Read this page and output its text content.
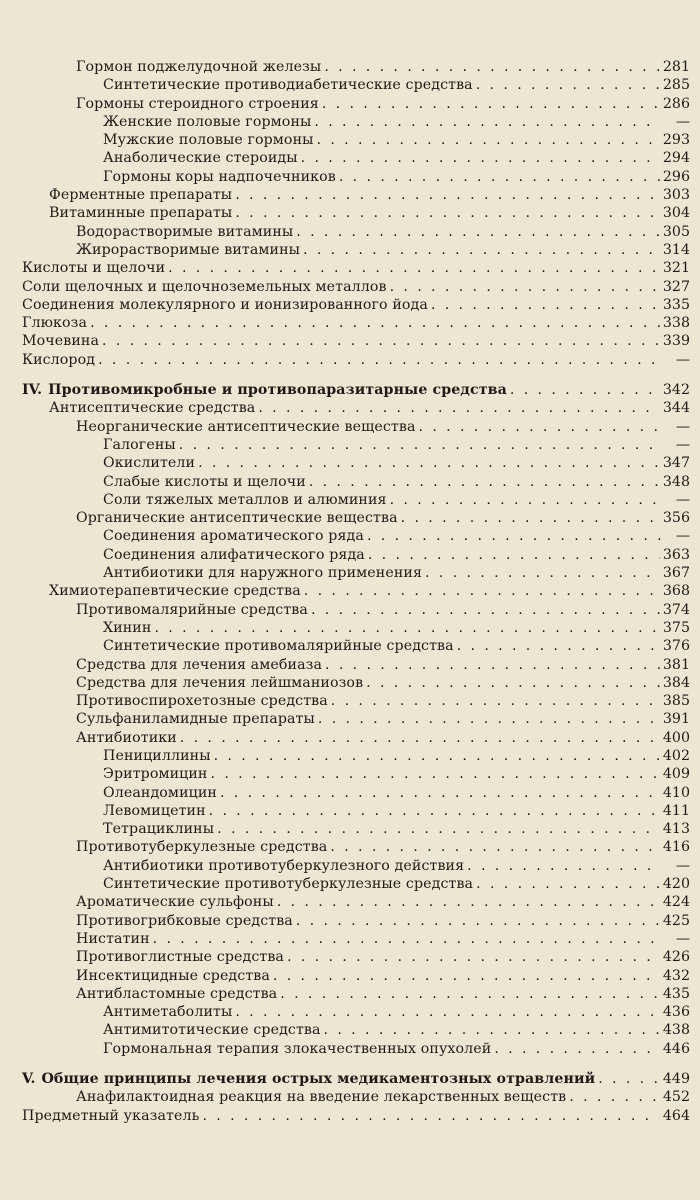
Гормон поджелудочной железы . . .	281
Синтетические противодиабетические средства . . .	285
Гормоны стероидного строения . . .	286
Женские половые гормоны . . .	—
Мужские половые гормоны . . .	293
Анаболические стероиды . . .	294
Гормоны коры надпочечников . . .	296
Ферментные препараты . . .	303
Витаминные препараты . . .	304
Водорастворимые витамины . . .	305
Жирорастворимые витамины . . .	314
Кислоты и щелочи . . .	321
Соли щелочных и щелочноземельных металлов . . .	327
Соединения молекулярного и ионизированного йода . . .	335
Глюкоза . . .	338
Мочевина . . .	339
Кислород . . .	—
IV. Противомикробные и противопаразитарные средства . . .	342
Антисептические средства . . .	344
Неорганические антисептические вещества . . .	—
Галогены . . .	—
Окислители . . .	347
Слабые кислоты и щелочи . . .	348
Соли тяжелых металлов и алюминия . . .	—
Органические антисептические вещества . . .	356
Соединения ароматического ряда . . .	—
Соединения алифатического ряда . . .	363
Антибиотики для наружного применения . . .	367
Химиотерапевтические средства . . .	368
Противомалярийные средства . . .	374
Хинин . . .	375
Синтетические противомалярийные средства . . .	376
Средства для лечения амебиаза . . .	381
Средства для лечения лейшманиозов . . .	384
Противоспирохетозные средства . . .	385
Сульфаниламидные препараты . . .	391
Антибиотики . . .	400
Пенициллины . . .	402
Эритромицин . . .	409
Олеандомицин . . .	410
Левомицетин . . .	411
Тетрациклины . . .	413
Противотуберкулезные средства . . .	416
Антибиотики противотуберкулезного действия . . .	—
Синтетические противотуберкулезные средства . . .	420
Ароматические сульфоны . . .	424
Противогрибковые средства . . .	425
Нистатин . . .	—
Противоглистные средства . . .	426
Инсектицидные средства . . .	432
Антибластомные средства . . .	435
Антиметаболиты . . .	436
Антимитотические средства . . .	438
Гормональная терапия злокачественных опухолей . . .	446
V. Общие принципы лечения острых медикаментозных отравлений . . .	449
Анафилактоидная реакция на введение лекарственных веществ . . .	452
Предметный указатель . . .	464
